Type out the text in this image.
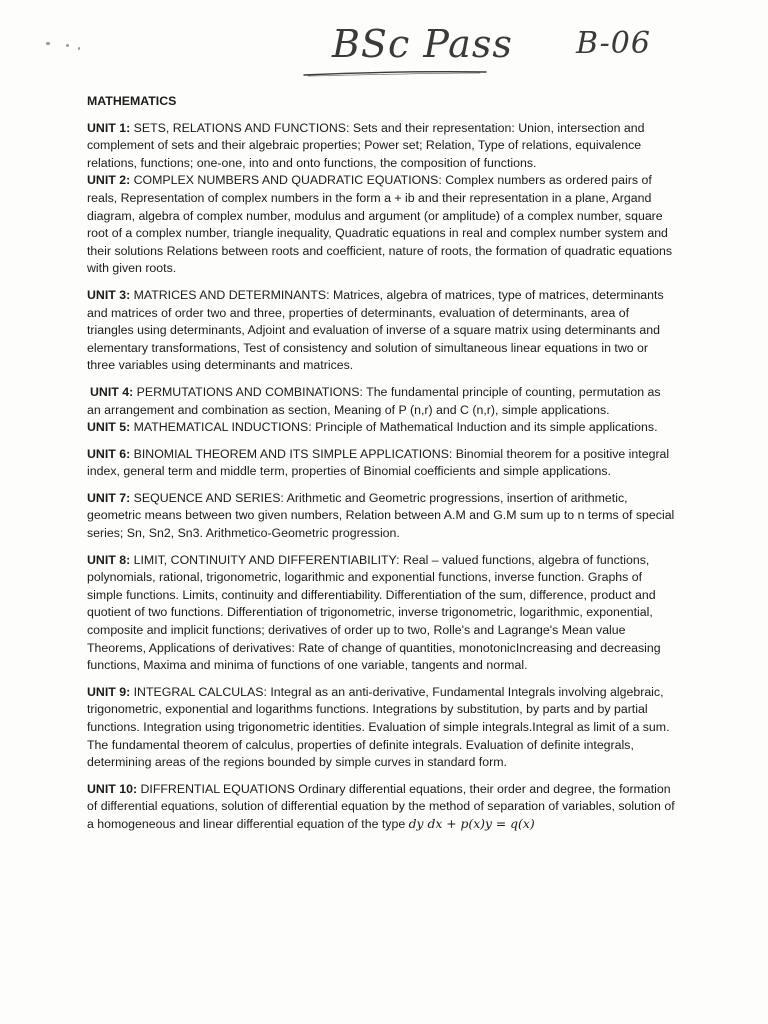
BSc Pass B-06
MATHEMATICS

UNIT 1: SETS, RELATIONS AND FUNCTIONS: Sets and their representation: Union, intersection and complement of sets and their algebraic properties; Power set; Relation, Type of relations, equivalence relations, functions; one-one, into and onto functions, the composition of functions.

UNIT 2: COMPLEX NUMBERS AND QUADRATIC EQUATIONS: Complex numbers as ordered pairs of reals, Representation of complex numbers in the form a + ib and their representation in a plane, Argand diagram, algebra of complex number, modulus and argument (or amplitude) of a complex number, square root of a complex number, triangle inequality, Quadratic equations in real and complex number system and their solutions Relations between roots and coefficient, nature of roots, the formation of quadratic equations with given roots.

UNIT 3: MATRICES AND DETERMINANTS: Matrices, algebra of matrices, type of matrices, determinants and matrices of order two and three, properties of determinants, evaluation of determinants, area of triangles using determinants, Adjoint and evaluation of inverse of a square matrix using determinants and elementary transformations, Test of consistency and solution of simultaneous linear equations in two or three variables using determinants and matrices.

UNIT 4: PERMUTATIONS AND COMBINATIONS: The fundamental principle of counting, permutation as an arrangement and combination as section, Meaning of P (n,r) and C (n,r), simple applications.

UNIT 5: MATHEMATICAL INDUCTIONS: Principle of Mathematical Induction and its simple applications.

UNIT 6: BINOMIAL THEOREM AND ITS SIMPLE APPLICATIONS: Binomial theorem for a positive integral index, general term and middle term, properties of Binomial coefficients and simple applications.

UNIT 7: SEQUENCE AND SERIES: Arithmetic and Geometric progressions, insertion of arithmetic, geometric means between two given numbers, Relation between A.M and G.M sum up to n terms of special series; Sn, Sn2, Sn3. Arithmetico-Geometric progression.

UNIT 8: LIMIT, CONTINUITY AND DIFFERENTIABILITY: Real – valued functions, algebra of functions, polynomials, rational, trigonometric, logarithmic and exponential functions, inverse function. Graphs of simple functions. Limits, continuity and differentiability. Differentiation of the sum, difference, product and quotient of two functions. Differentiation of trigonometric, inverse trigonometric, logarithmic, exponential, composite and implicit functions; derivatives of order up to two, Rolle's and Lagrange's Mean value Theorems, Applications of derivatives: Rate of change of quantities, monotonicIncreasing and decreasing functions, Maxima and minima of functions of one variable, tangents and normal.

UNIT 9: INTEGRAL CALCULAS: Integral as an anti-derivative, Fundamental Integrals involving algebraic, trigonometric, exponential and logarithms functions. Integrations by substitution, by parts and by partial functions. Integration using trigonometric identities. Evaluation of simple integrals.Integral as limit of a sum. The fundamental theorem of calculus, properties of definite integrals. Evaluation of definite integrals, determining areas of the regions bounded by simple curves in standard form.

UNIT 10: DIFFRENTIAL EQUATIONS Ordinary differential equations, their order and degree, the formation of differential equations, solution of differential equation by the method of separation of variables, solution of a homogeneous and linear differential equation of the type dy dx + p(x)y = q(x)
